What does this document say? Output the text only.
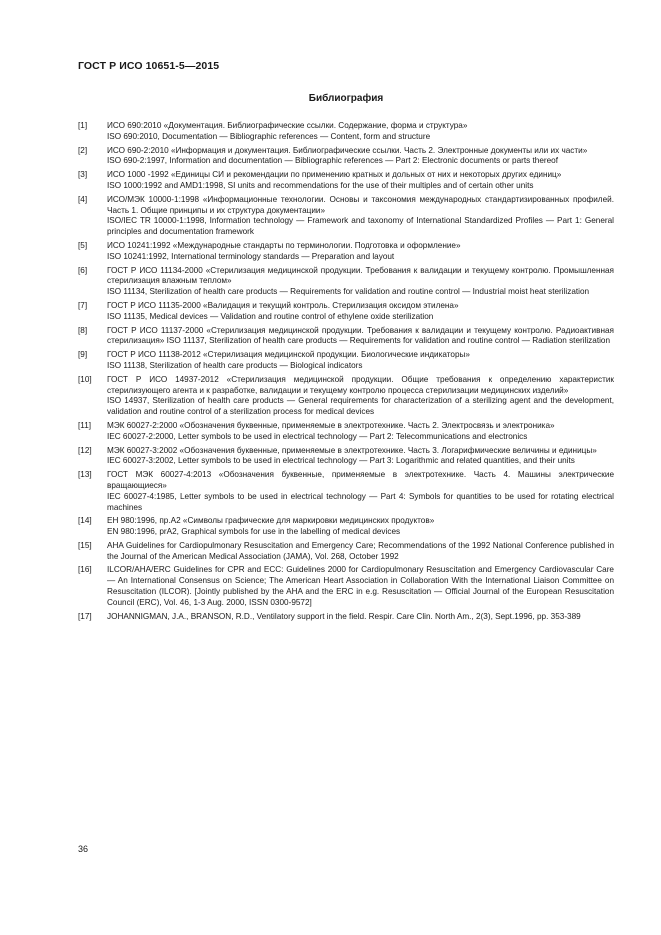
ГОСТ Р ИСО 10651-5—2015
Библиография
[1]	ИСО 690:2010 «Документация. Библиографические ссылки. Содержание, форма и структура»

ISO 690:2010, Documentation — Bibliographic references — Content, form and structure

[2]	ИСО 690-2:2010 «Информация и документация. Библиографические ссылки. Часть 2. Электронные документы или их части»

ISO 690-2:1997, Information and documentation — Bibliographic references — Part 2: Electronic documents or parts thereof

[3]	ИСО 1000 -1992 «Единицы СИ и рекомендации по применению кратных и дольных от них и некоторых других единиц»

ISO 1000:1992 and AMD1:1998, SI units and recommendations for the use of their multiples and of certain other units

[4]	ИСО/МЭК 10000-1:1998 «Информационные технологии. Основы и таксономия международных стандартизированных профилей. Часть 1. Общие принципы и их структура документации»

ISO/IEC TR 10000-1:1998, Information technology — Framework and taxonomy of International Standardized Profiles — Part 1: General principles and documentation framework

[5]	ИСО 10241:1992 «Международные стандарты по терминологии. Подготовка и оформление»

ISO 10241:1992, International terminology standards — Preparation and layout

[6]	ГОСТ Р ИСО 11134-2000 «Стерилизация медицинской продукции. Требования к валидации и текущему контролю. Промышленная стерилизация влажным теплом»

ISO 11134, Sterilization of health care products — Requirements for validation and routine control — Industrial moist heat sterilization

[7]	ГОСТ Р ИСО 11135-2000 «Валидация и текущий контроль. Стерилизация оксидом этилена»

ISO 11135, Medical devices — Validation and routine control of ethylene oxide sterilization

[8]	ГОСТ Р ИСО 11137-2000 «Стерилизация медицинской продукции. Требования к валидации и текущему контролю. Радиоактивная стерилизация» ISO 11137, Sterilization of health care products — Requirements for validation and routine control — Radiation sterilization

[9]	ГОСТ Р ИСО 11138-2012 «Стерилизация медицинской продукции. Биологические индикаторы»

ISO 11138, Sterilization of health care products — Biological indicators

[10]	ГОСТ Р ИСО 14937-2012 «Стерилизация медицинской продукции. Общие требования к определению характеристик стерилизующего агента и к разработке, валидации и текущему контролю процесса стерилизации медицинских изделий»

ISO 14937, Sterilization of health care products — General requirements for characterization of a sterilizing agent and the development, validation and routine control of a sterilization process for medical devices

[11]	МЭК 60027-2:2000 «Обозначения буквенные, применяемые в электротехнике. Часть 2. Электросвязь и электроника»

IEC 60027-2:2000, Letter symbols to be used in electrical technology — Part 2: Telecommunications and electronics

[12]	МЭК 60027-3:2002 «Обозначения буквенные, применяемые в электротехнике. Часть 3. Логарифмические величины и единицы»

IEC 60027-3:2002, Letter symbols to be used in electrical technology — Part 3: Logarithmic and related quantities, and their units

[13]	ГОСТ МЭК 60027-4:2013 «Обозначения буквенные, применяемые в электротехнике. Часть 4. Машины электрические вращающиеся»

IEC 60027-4:1985, Letter symbols to be used in electrical technology — Part 4: Symbols for quantities to be used for rotating electrical machines

[14]	ЕН 980:1996, пр.А2 «Символы графические для маркировки медицинских продуктов»

EN 980:1996, prA2, Graphical symbols for use in the labelling of medical devices

[15]	AHA Guidelines for Cardiopulmonary Resuscitation and Emergency Care; Recommendations of the 1992 National Conference published in the Journal of the American Medical Association (JAMA), Vol. 268, October 1992

[16]	ILCOR/AHA/ERC Guidelines for CPR and ECC: Guidelines 2000 for Cardiopulmonary Resuscitation and Emergency Cardiovascular Care — An International Consensus on Science; The American Heart Association in Collaboration With the International Liaison Committee on Resuscitation (ILCOR). [Jointly published by the AHA and the ERC in e.g. Resuscitation — Official Journal of the European Resuscitation Council (ERC), Vol. 46, 1-3 Aug. 2000, ISSN 0300-9572]

[17]	JOHANNIGMAN, J.A., BRANSON, R.D., Ventilatory support in the field. Respir. Care Clin. North Am., 2(3), Sept.1996, pp. 353-389

36
